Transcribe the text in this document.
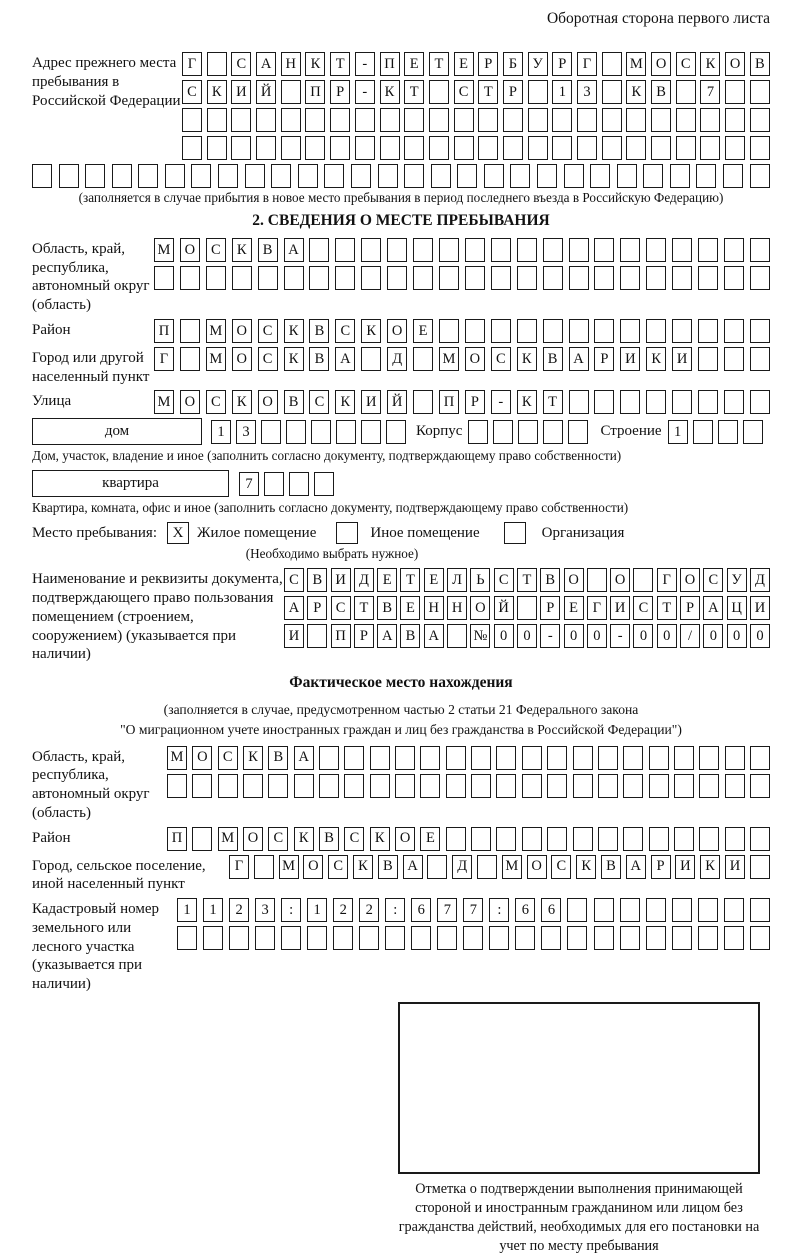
Оборотная сторона первого листа
Адрес прежнего места пребывания в Российской Федерации
Г	С	А Н	К	Т	-	П	Е	Т	Е	Р	Б	У	Р	Г	М О	С	К	О	В
С	К	И Й	П	Р	-	К	Т	С	Т	Р	1	3	К	В	7
(заполняется в случае прибытия в новое место пребывания в период последнего въезда в Российскую Федерацию)
2. СВЕДЕНИЯ О МЕСТЕ ПРЕБЫВАНИЯ
Область, край, республика, автономный округ (область)
М О	С	К	В	А
Район	П	М О	С	К	В	С	К	О	Е
Город или другой населенный пункт
Г	М О	С	К	В	А	Д	М О	С	К	В	А	Р	И	К	И
Улица	М О	С	К	О	В	С	К	И	Й	П	Р	-	К	Т
дом	1	3	Корпус	Строение 1
Дом, участок, владение и иное (заполнить согласно документу, подтверждающему право собственности)
квартира	7
Квартира, комната, офис и иное (заполнить согласно документу, подтверждающему право собственности)
Место пребывания:	X Жилое помещение	Иное помещение	Организация
(Необходимо выбрать нужное)
Наименование и реквизиты документа, подтверждающего право пользования помещением (строением, сооружением) (указывается при наличии)
С В И Д Е Т Е Л Ь С Т В О	О	Г О С У Д
А Р С Т В Е Н Н О Й	Р	Е	Г И С Т	Р А Ц И
И	П Р А В А	№ 0	0	-	0	0	-	0	0	/	0	0	0
Фактическое место нахождения
(заполняется в случае, предусмотренном частью 2 статьи 21 Федерального закона
"О миграционном учете иностранных граждан и лиц без гражданства в Российской Федерации")
Область, край, республика, автономный округ (область)
М О	С	К	В	А
Район	П	М О	С	К	В	С	К	О	Е
Город, сельское поселение, иной населенный пункт
Г	М О	С	К	В	А	Д	М О	С	К	В	А	Р	И	К	И
Кадастровый номер земельного или лесного участка (указывается при наличии)
1	1	2	3	:	1	2	2	:	6	7	7	:	6	6
Отметка о подтверждении выполнения принимающей стороной и иностранным гражданином или лицом без гражданства действий, необходимых для его постановки на учет по месту пребывания
